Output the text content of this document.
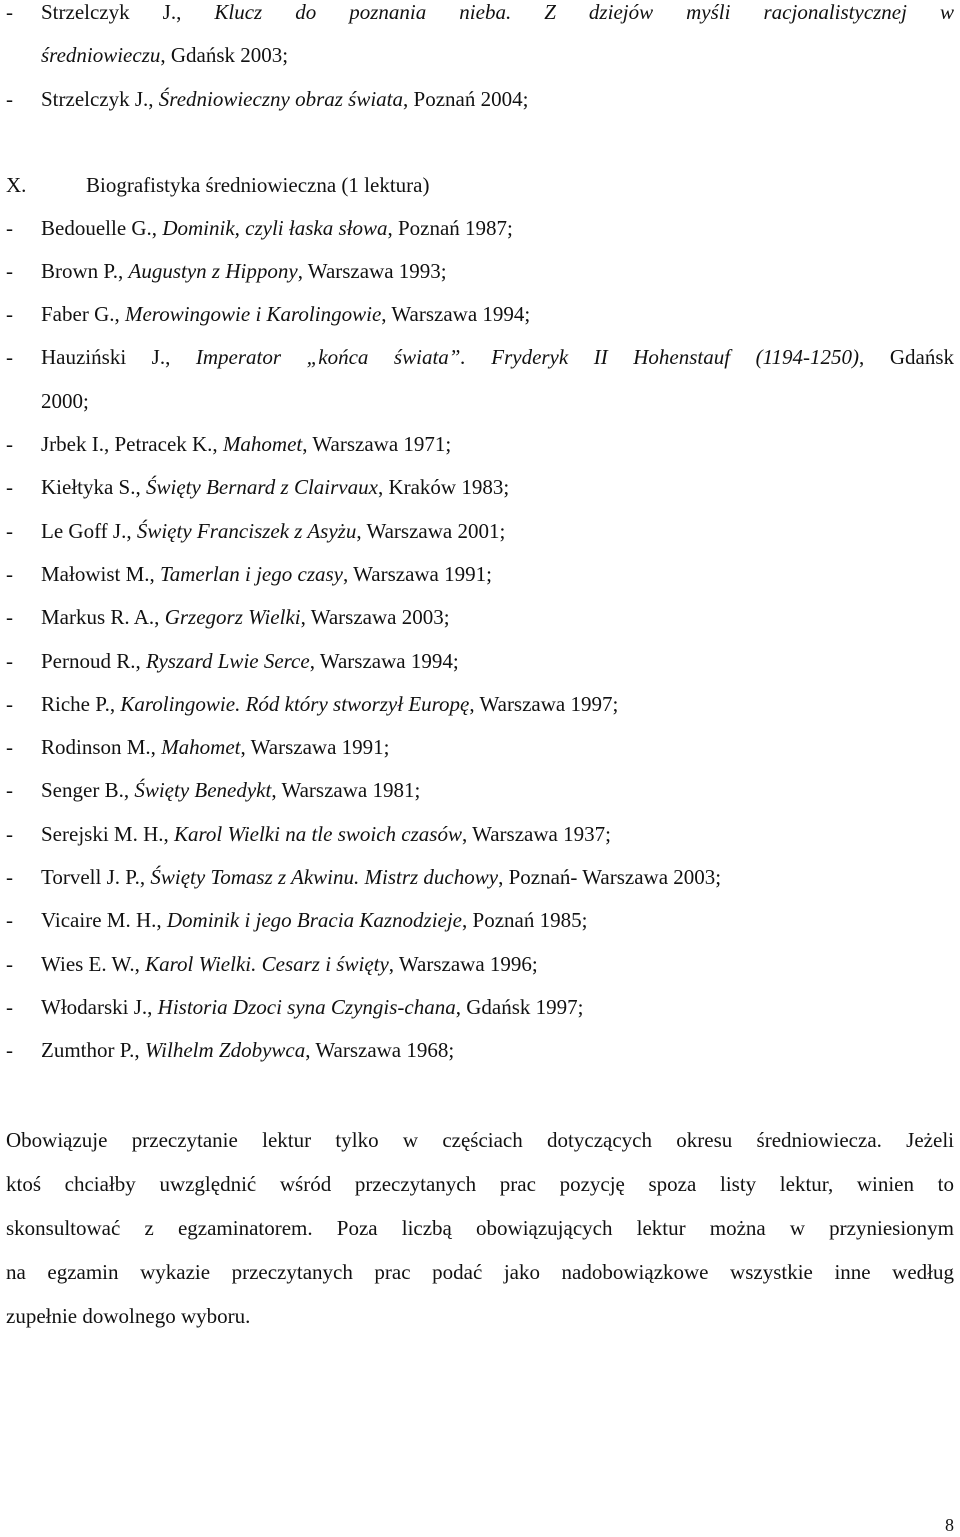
- Strzelczyk J., Klucz do poznania nieba. Z dziejów myśli racjonalistycznej w
średniowieczu, Gdańsk 2003;
- Strzelczyk J., Średniowieczny obraz świata, Poznań 2004;
X.	Biografistyka średniowieczna (1 lektura)
- Bedouelle G., Dominik, czyli łaska słowa, Poznań 1987;
- Brown P., Augustyn z Hippony, Warszawa 1993;
- Faber G., Merowingowie i Karolingowie, Warszawa 1994;
- Hauziński J., Imperator „końca świata”. Fryderyk II Hohenstauf (1194-1250), Gdańsk
2000;
- Jrbek I., Petracek K., Mahomet, Warszawa 1971;
- Kiełtyka S., Święty Bernard z Clairvaux, Kraków 1983;
- Le Goff J., Święty Franciszek z Asyżu, Warszawa 2001;
- Małowist M., Tamerlan i jego czasy, Warszawa 1991;
- Markus R. A., Grzegorz Wielki, Warszawa 2003;
- Pernoud R., Ryszard Lwie Serce, Warszawa 1994;
- Riche P., Karolingowie. Ród który stworzył Europę, Warszawa 1997;
- Rodinson M., Mahomet, Warszawa 1991;
- Senger B., Święty Benedykt, Warszawa 1981;
- Serejski M. H., Karol Wielki na tle swoich czasów, Warszawa 1937;
- Torvell J. P., Święty Tomasz z Akwinu. Mistrz duchowy, Poznań- Warszawa 2003;
- Vicaire M. H., Dominik i jego Bracia Kaznodzieje, Poznań 1985;
- Wies E. W., Karol Wielki. Cesarz i święty, Warszawa 1996;
- Włodarski J., Historia Dzoci syna Czyngis-chana, Gdańsk 1997;
- Zumthor P., Wilhelm Zdobywca, Warszawa 1968;
Obowiązuje przeczytanie lektur tylko w częściach dotyczących okresu średniowiecza. Jeżeli
ktoś chciałby uwzględnić wśród przeczytanych prac pozycję spoza listy lektur, winien to
skonsultować z egzaminatorem. Poza liczbą obowiązujących lektur można w przyniesionym
na egzamin wykazie przeczytanych prac podać jako nadobowiązkowe wszystkie inne według
zupełnie dowolnego wyboru.
8
